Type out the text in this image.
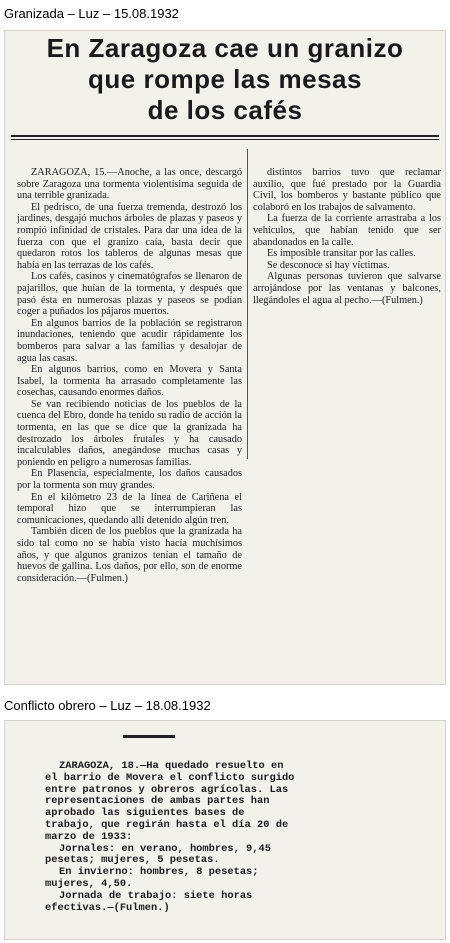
Granizada – Luz – 15.08.1932
En Zaragoza cae un granizo
que rompe las mesas
de los cafés

ZARAGOZA, 15.—Anoche, a las once, descargó sobre Zaragoza una tormenta violentísima seguida de una terrible granizada.

El pedrisco, de una fuerza tremenda, destrozó los jardines, desgajó muchos árboles de plazas y paseos y rompió infinidad de cristales. Para dar una idea de la fuerza con que el granizo caía, basta decir que quedaron rotos los tableros de algunas mesas que había en las terrazas de los cafés.

Los cafés, casinos y cinematógrafos se llenaron de pajarillos, que huían de la tormenta, y después que pasó ésta en numerosas plazas y paseos se podían coger a puñados los pájaros muertos.

En algunos barrios de la población se registraron inundaciones, teniendo que acudir rápidamente los bomberos para salvar a las familias y desalojar de agua las casas.

En algunos barrios, como en Movera y Santa Isabel, la tormenta ha arrasado completamente las cosechas, causando enormes daños.

Se van recibiendo noticias de los pueblos de la cuenca del Ebro, donde ha tenido su radio de acción la tormenta, en las que se dice que la granizada ha destrozado los árboles frutales y ha causado incalculables daños, anegándose muchas casas y poniendo en peligro a numerosas familias.

En Plasencia, especialmente, los daños causados por la tormenta son muy grandes.

En el kilómetro 23 de la línea de Cariñena el temporal hizo que se interrumpieran las comunicaciones, quedando allí detenido algún tren.

También dicen de los pueblos que la granizada ha sido tal como no se había visto hacía muchísimos años, y que algunos granizos tenían el tamaño de huevos de gallina. Los daños, por ello, son de enorme consideración.—(Fulmen.)

distintos barrios tuvo que reclamar auxilio, que fué prestado por la Guardia Civil, los bomberos y bastante público que colaboró en los trabajos de salvamento.

La fuerza de la corriente arrastraba a los vehículos, que habían tenido que ser abandonados en la calle.

Es imposible transitar por las calles.

Se desconoce si hay víctimas.

Algunas personas tuvieron que salvarse arrojándose por las ventanas y balcones, llegándoles el agua al pecho.—(Fulmen.)

Conflicto obrero – Luz – 18.08.1932

ZARAGOZA, 18.—Ha quedado resuelto en el barrio de Movera el conflicto surgido entre patronos y obreros agrícolas. Las representaciones de ambas partes han aprobado las siguientes bases de trabajo, que regirán hasta el día 20 de marzo de 1933:

Jornales: en verano, hombres, 9,45 pesetas; mujeres, 5 pesetas.

En invierno: hombres, 8 pesetas; mujeres, 4,50.

Jornada de trabajo: siete horas efectivas.—(Fulmen.)
